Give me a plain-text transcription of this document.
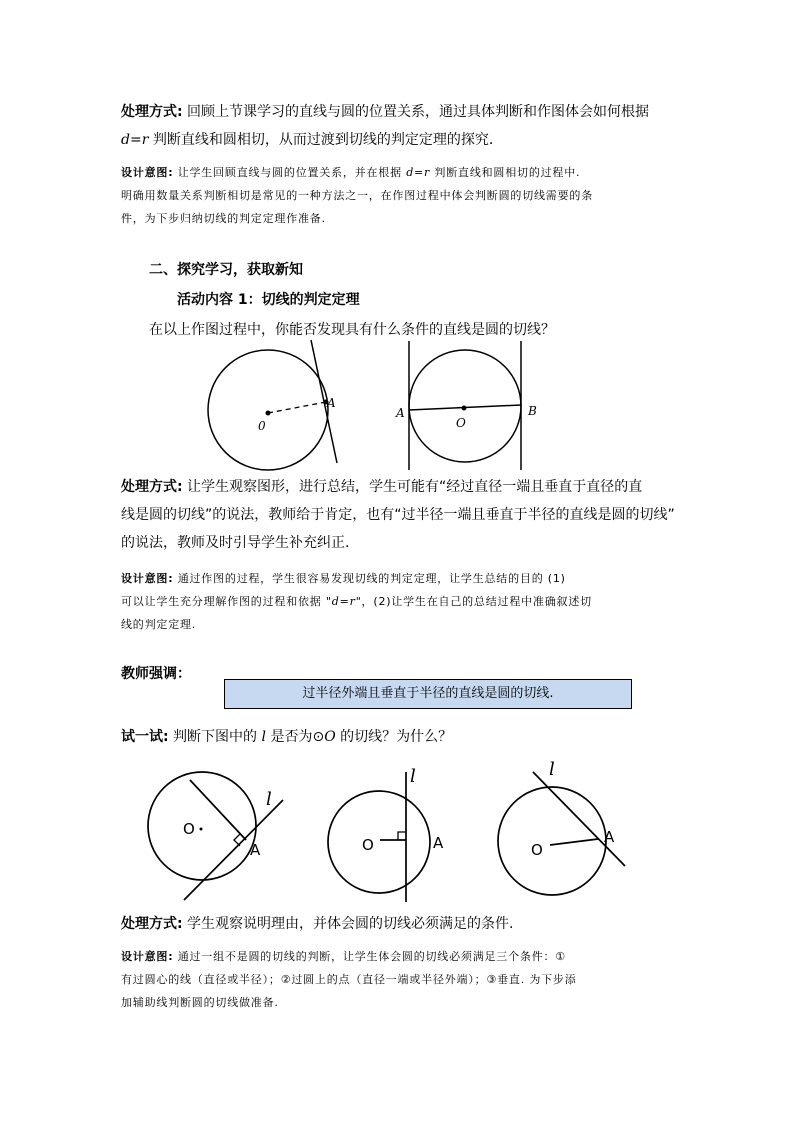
处理方式: 回顾上节课学习的直线与圆的位置关系，通过具体判断和作图体会如何根据
d=r 判断直线和圆相切，从而过渡到切线的判定定理的探究．
设计意图: 让学生回顾直线与圆的位置关系，并在根据 d=r 判断直线和圆相切的过程中.
明确用数量关系判断相切是常见的一种方法之一，在作图过程中体会判断圆的切线需要的条
件，为下步归纳切线的判定定理作准备.
二、探究学习，获取新知
活动内容 1：切线的判定定理
在以上作图过程中，你能否发现具有什么条件的直线是圆的切线？
0
A
A
O
B
O
A
l
O	A
l
O
A
l
处理方式: 让学生观察图形，进行总结，学生可能有“经过直径一端且垂直于直径的直
线是圆的切线”的说法，教师给于肯定，也有“过半径一端且垂直于半径的直线是圆的切线”
的说法，教师及时引导学生补充纠正.
设计意图: 通过作图的过程，学生很容易发现切线的判定定理，让学生总结的目的 (1)
可以让学生充分理解作图的过程和依据 "d=r"，(2)让学生在自己的总结过程中准确叙述切
线的判定定理.
教师强调：
过半径外端且垂直于半径的直线是圆的切线.
试一试: 判断下图中的 l 是否为⊙O 的切线？为什么？
处理方式: 学生观察说明理由，并体会圆的切线必须满足的条件.
设计意图: 通过一组不是圆的切线的判断，让学生体会圆的切线必须满足三个条件：①
有过圆心的线（直径或半径）；②过圆上的点（直径一端或半径外端）；③垂直. 为下步添
加辅助线判断圆的切线做准备.
